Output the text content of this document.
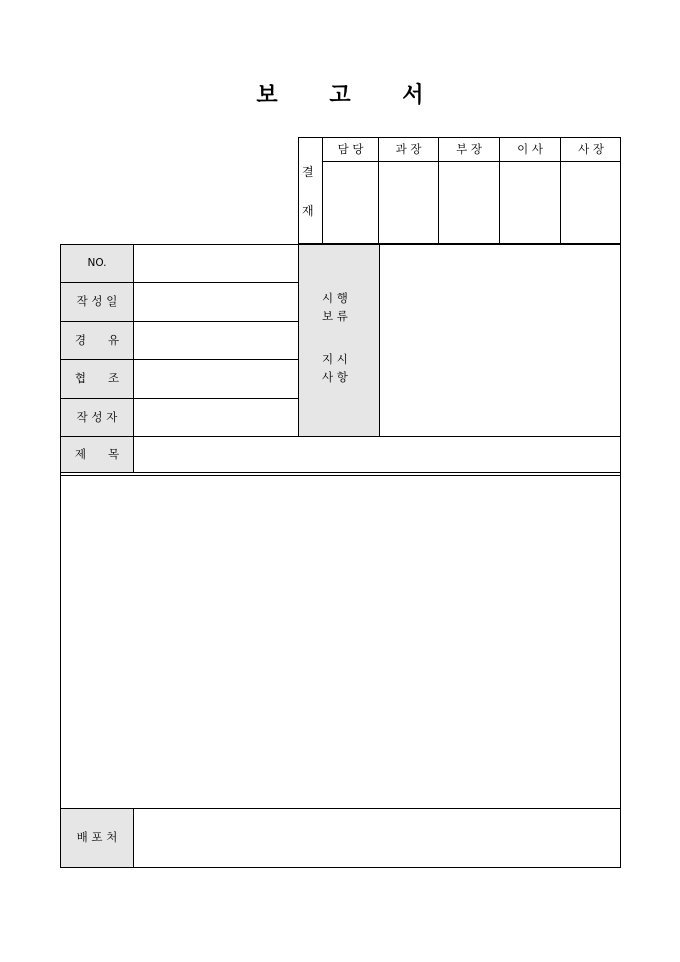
보 고 서
결
재
담 당	과 장	부 장	이 사	사 장
NO.
작 성 일
경      유
협      조
작 성 자
제      목
시 행
보 류
지 시
사 항
배 포 처
